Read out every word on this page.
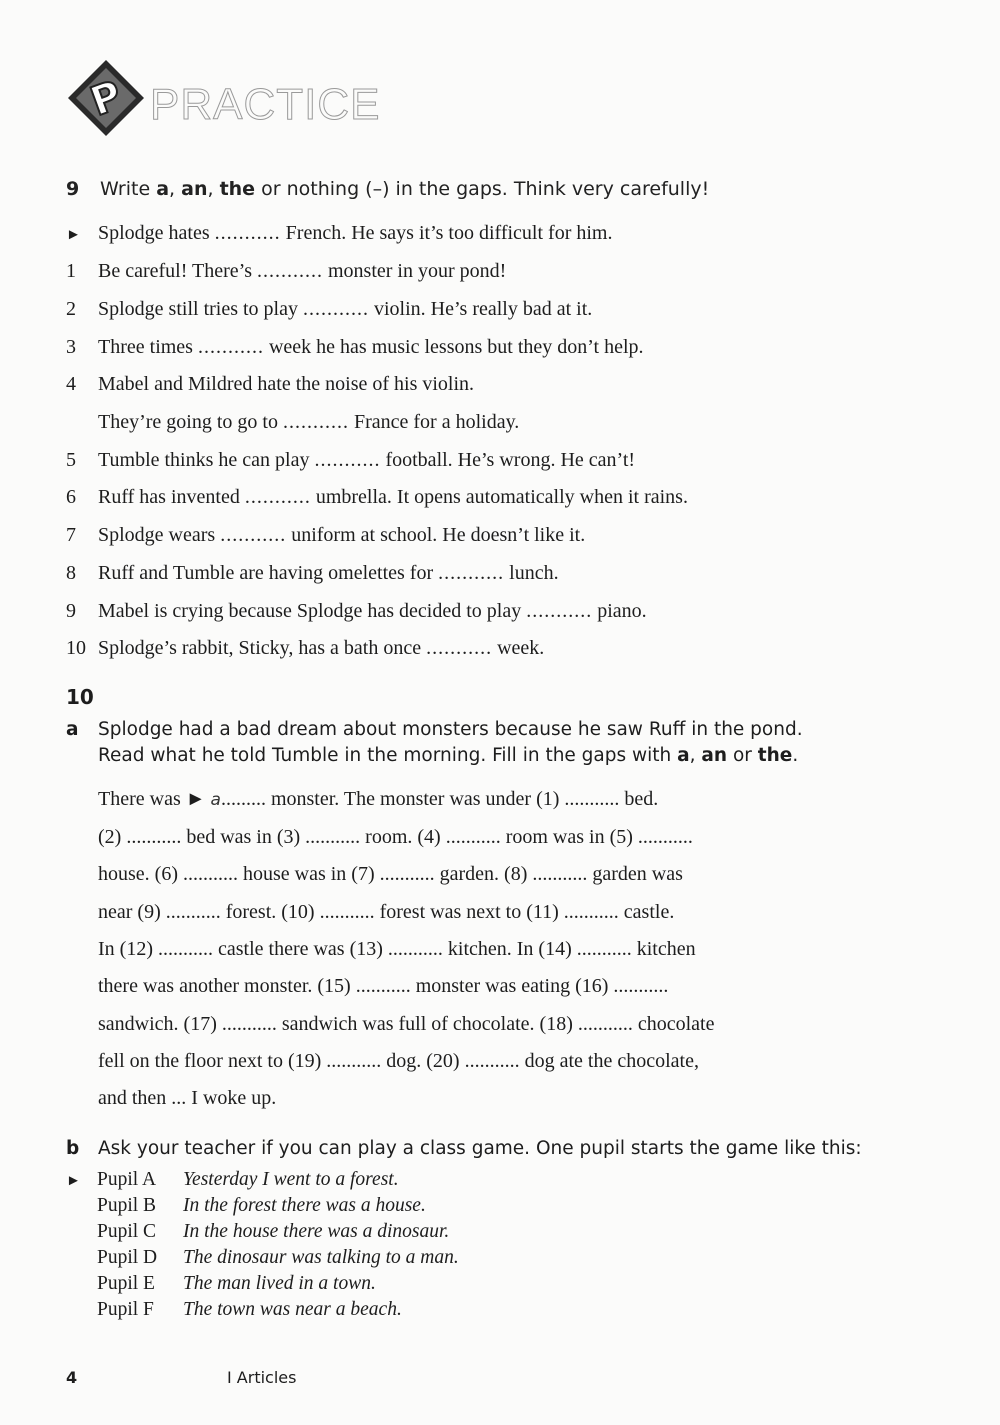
P PRACTICE
9 Write a, an, the or nothing (–) in the gaps. Think very carefully!
► Splodge hates ........... French. He says it’s too difficult for him.
1 Be careful! There’s ........... monster in your pond!
2 Splodge still tries to play ........... violin. He’s really bad at it.
3 Three times ........... week he has music lessons but they don’t help.
4 Mabel and Mildred hate the noise of his violin.
They’re going to go to ........... France for a holiday.
5 Tumble thinks he can play ........... football. He’s wrong. He can’t!
6 Ruff has invented ........... umbrella. It opens automatically when it rains.
7 Splodge wears ........... uniform at school. He doesn’t like it.
8 Ruff and Tumble are having omelettes for ........... lunch.
9 Mabel is crying because Splodge has decided to play ........... piano.
10 Splodge’s rabbit, Sticky, has a bath once ........... week.
10
a Splodge had a bad dream about monsters because he saw Ruff in the pond.
Read what he told Tumble in the morning. Fill in the gaps with a, an or the.
There was ► a......... monster. The monster was under (1) ........... bed.
(2) ........... bed was in (3) ........... room. (4) ........... room was in (5) ...........
house. (6) ........... house was in (7) ........... garden. (8) ........... garden was
near (9) ........... forest. (10) ........... forest was next to (11) ........... castle.
In (12) ........... castle there was (13) ........... kitchen. In (14) ........... kitchen
there was another monster. (15) ........... monster was eating (16) ...........
sandwich. (17) ........... sandwich was full of chocolate. (18) ........... chocolate
fell on the floor next to (19) ........... dog. (20) ........... dog ate the chocolate,
and then ... I woke up.
b Ask your teacher if you can play a class game. One pupil starts the game like this:
► Pupil A Yesterday I went to a forest.
Pupil B In the forest there was a house.
Pupil C In the house there was a dinosaur.
Pupil D The dinosaur was talking to a man.
Pupil E The man lived in a town.
Pupil F The town was near a beach.
4	I Articles
